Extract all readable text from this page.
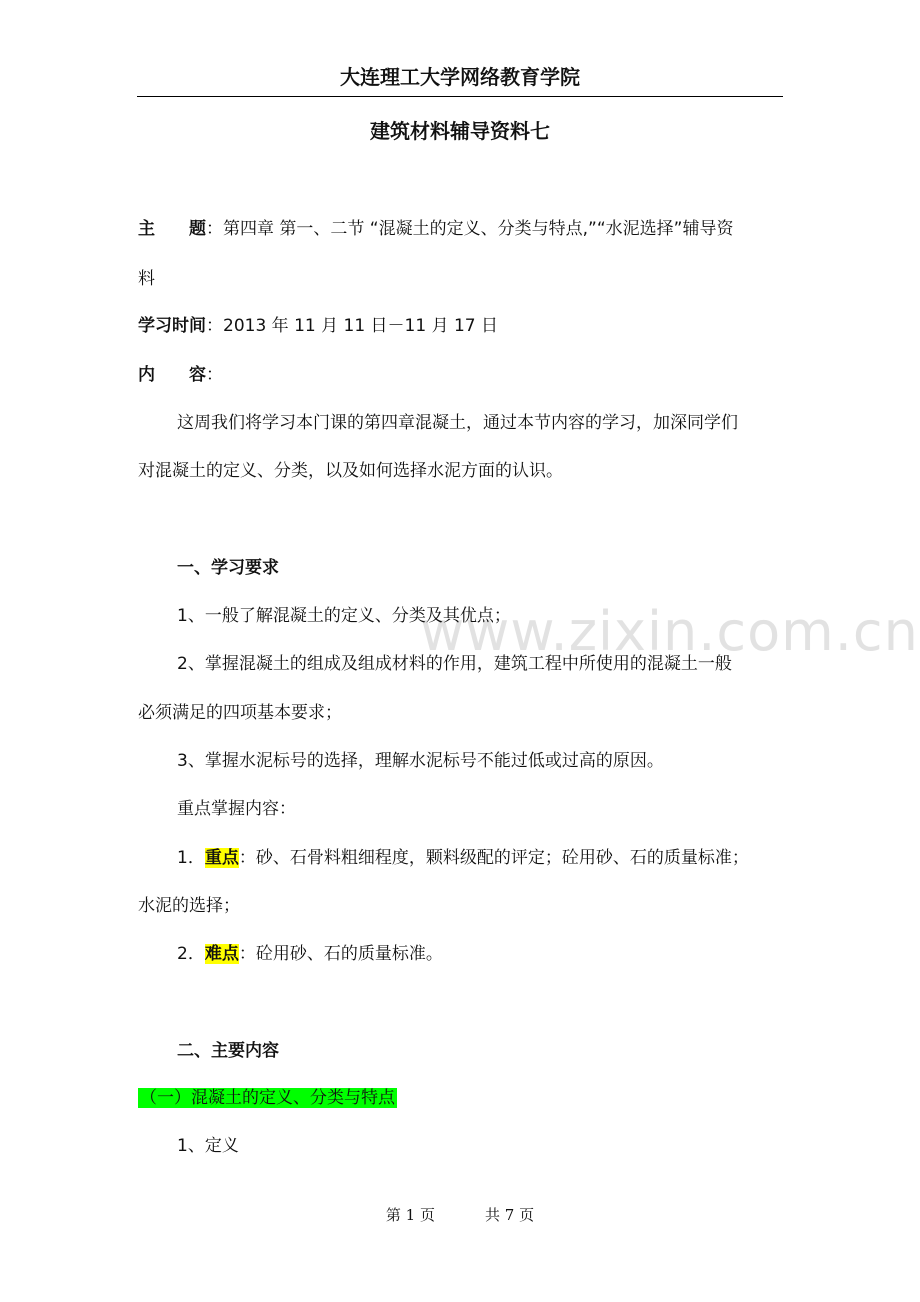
大连理工大学网络教育学院
建筑材料辅导资料七
www.zixin.com.cn
主　　题：第四章 第一、二节 “混凝土的定义、分类与特点,”“水泥选择”辅导资
料
学习时间：2013 年 11 月 11 日－11 月 17 日
内　　容：
这周我们将学习本门课的第四章混凝土，通过本节内容的学习，加深同学们
对混凝土的定义、分类，以及如何选择水泥方面的认识。
一、学习要求
1、一般了解混凝土的定义、分类及其优点；
2、掌握混凝土的组成及组成材料的作用，建筑工程中所使用的混凝土一般
必须满足的四项基本要求；
3、掌握水泥标号的选择，理解水泥标号不能过低或过高的原因。
重点掌握内容：
1．重点：砂、石骨料粗细程度，颗料级配的评定；砼用砂、石的质量标准；
水泥的选择；
2．难点：砼用砂、石的质量标准。
二、主要内容
（一）混凝土的定义、分类与特点
1、定义
第 1 页	共 7 页
